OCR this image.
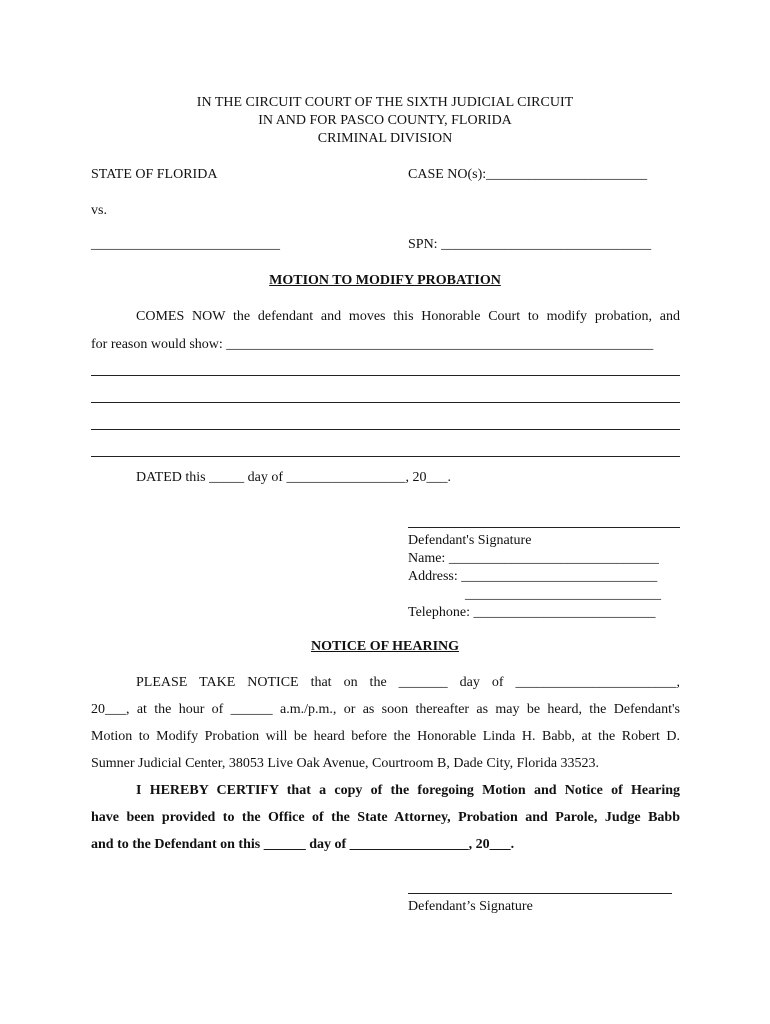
IN THE CIRCUIT COURT OF THE SIXTH JUDICIAL CIRCUIT
IN AND FOR PASCO COUNTY, FLORIDA
CRIMINAL DIVISION
STATE OF FLORIDA	CASE NO(s):_______________________
vs.
___________________________	SPN: ______________________________
MOTION TO MODIFY PROBATION
COMES NOW the defendant and moves this Honorable Court to modify probation, and
for reason would show: _____________________________________________________________
DATED this _____ day of _________________, 20___.
Defendant's Signature
Name: ______________________________
Address: ____________________________
____________________________
Telephone: __________________________
NOTICE OF HEARING
PLEASE TAKE NOTICE that on the _______ day of _______________________,
20___, at the hour of ______ a.m./p.m., or as soon thereafter as may be heard, the Defendant's
Motion to Modify Probation will be heard before the Honorable Linda H. Babb, at the Robert D.
Sumner Judicial Center, 38053 Live Oak Avenue, Courtroom B, Dade City, Florida 33523.
I HEREBY CERTIFY that a copy of the foregoing Motion and Notice of Hearing
have been provided to the Office of the State Attorney, Probation and Parole, Judge Babb
and to the Defendant on this ______ day of _________________, 20___.
Defendant’s Signature
